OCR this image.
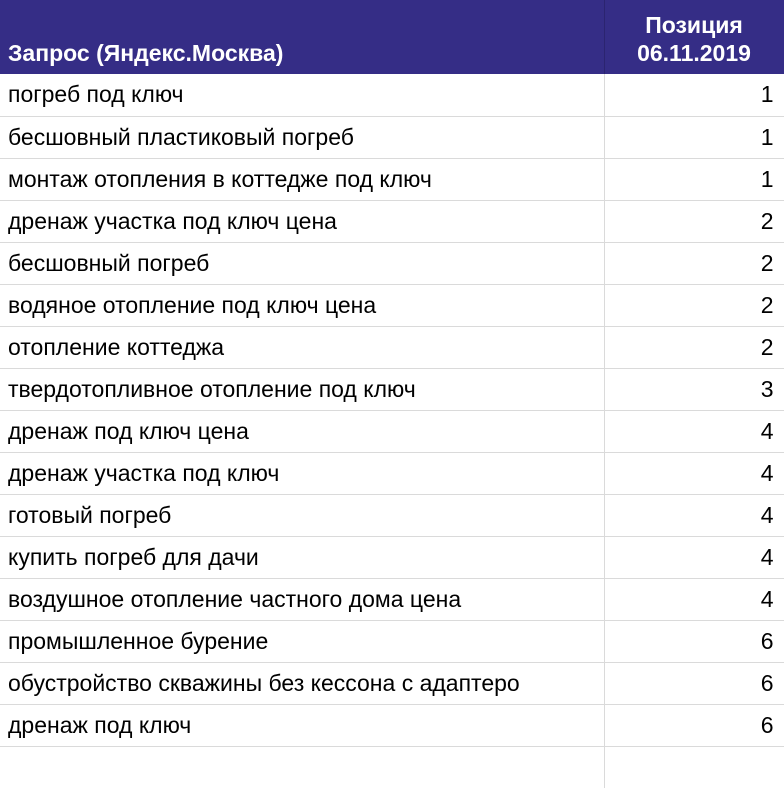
Запрос (Яндекс.Москва)	Позиция
06.11.2019

погреб под ключ	1
бесшовный пластиковый погреб	1
монтаж отопления в коттедже под ключ	1
дренаж участка под ключ цена	2
бесшовный погреб	2
водяное отопление под ключ цена	2
отопление коттеджа	2
твердотопливное отопление под ключ	3
дренаж под ключ цена	4
дренаж участка под ключ	4
готовый погреб	4
купить погреб для дачи	4
воздушное отопление частного дома цена	4
промышленное бурение	6
обустройство скважины без кессона с адаптеро	6
дренаж под ключ	6
